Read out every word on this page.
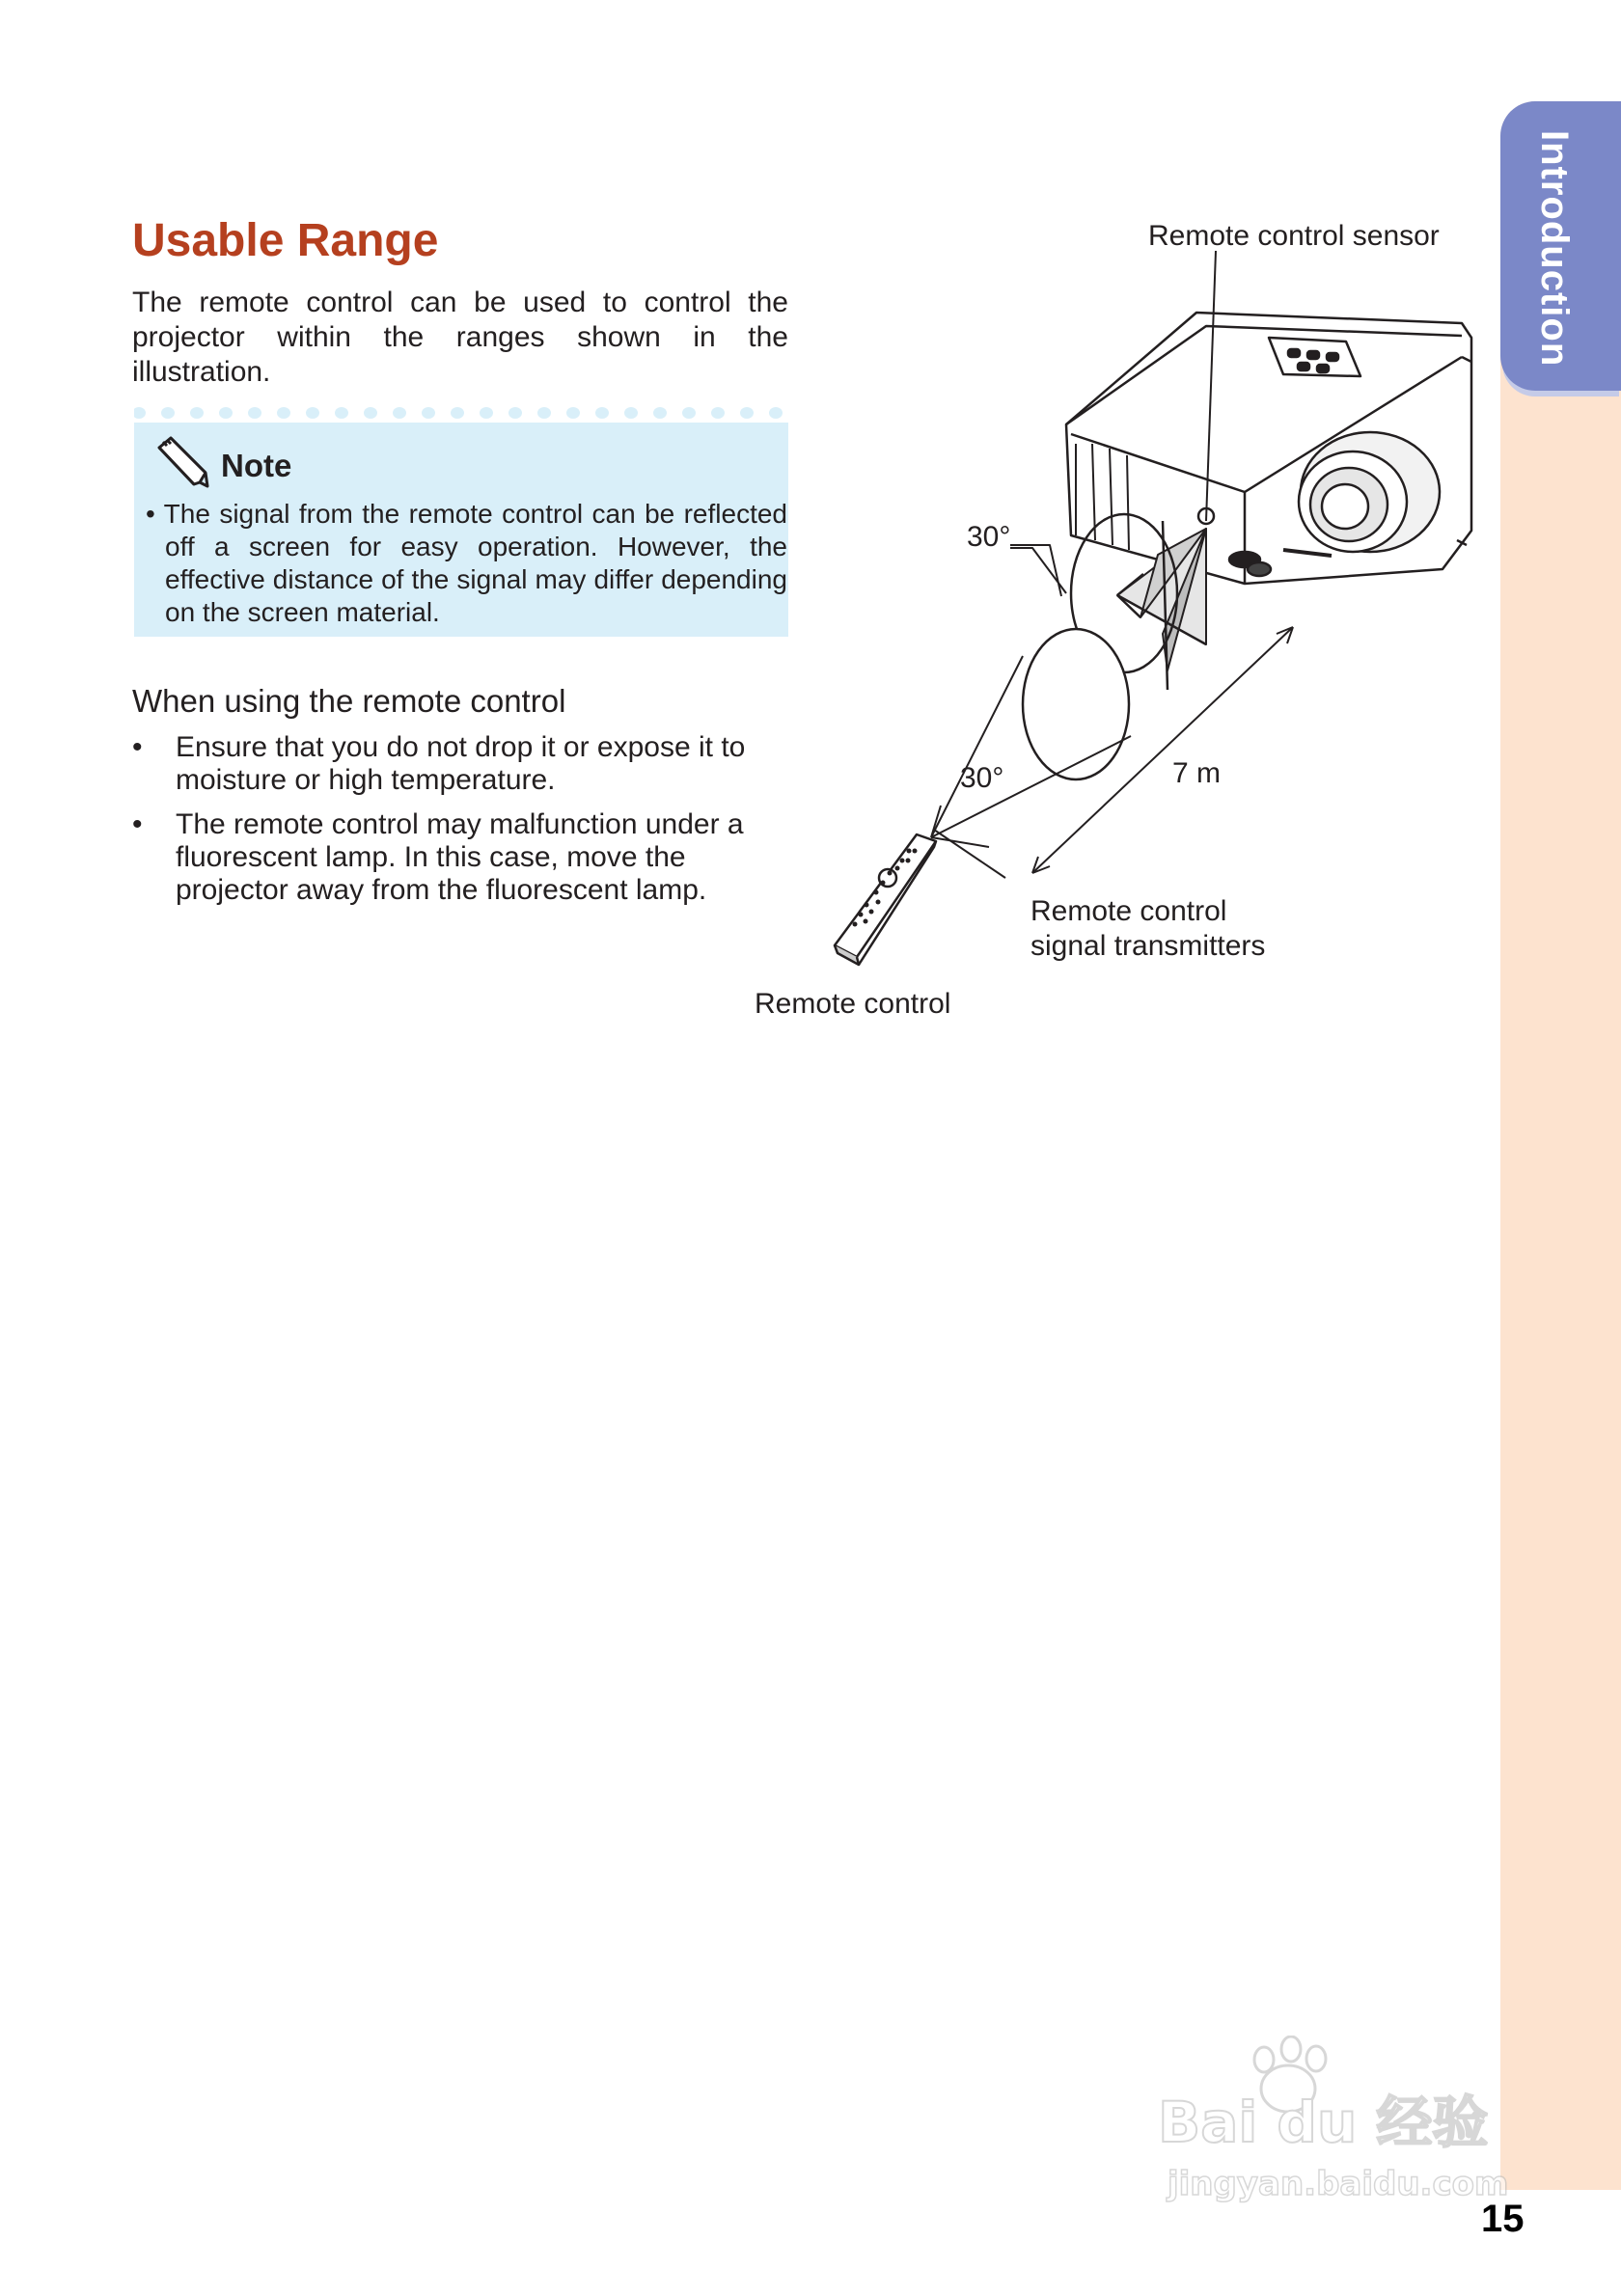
Introduction
Usable Range

The remote control can be used to control the projector within the ranges shown in the illustration.

Note

• The signal from the remote control can be reflected off a screen for easy operation. However, the effective distance of the signal may differ depending on the screen material.

When using the remote control
• Ensure that you do not drop it or expose it to moisture or high temperature.
• The remote control may malfunction under a fluorescent lamp. In this case, move the projector away from the fluorescent lamp.
Remote control sensor
30°
30°	7 m
Remote control
signal transmitters
Remote control
Bai du 经验
jingyan.baidu.com
15
